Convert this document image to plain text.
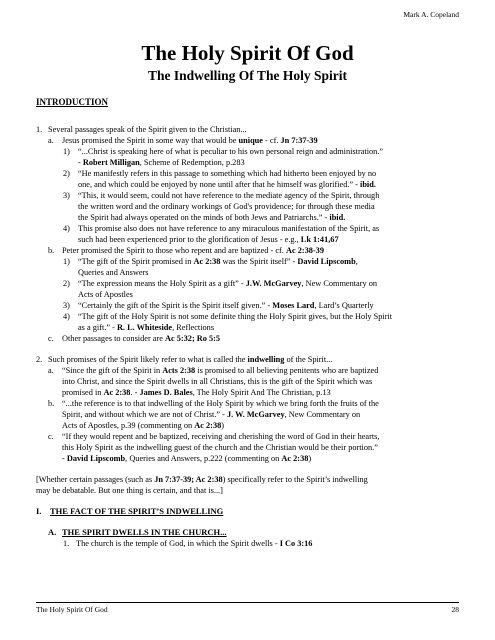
Mark A. Copeland
The Holy Spirit Of God
The Indwelling Of The Holy Spirit
INTRODUCTION
1. Several passages speak of the Spirit given to the Christian...
a. Jesus promised the Spirit in some way that would be unique - cf. Jn 7:37-39
1) “...Christ is speaking here of what is peculiar to his own personal reign and administration.”
- Robert Milligan, Scheme of Redemption, p.283
2) “He manifestly refers in this passage to something which had hitherto been enjoyed by no
one, and which could be enjoyed by none until after that he himself was glorified.” - ibid.
3) “This, it would seem, could not have reference to the mediate agency of the Spirit, through
the written word and the ordinary workings of God's providence; for through these media
the Spirit had always operated on the minds of both Jews and Patriarchs.” - ibid.
4) This promise also does not have reference to any miraculous manifestation of the Spirit, as
such had been experienced prior to the glorification of Jesus - e.g., Lk 1:41,67
b. Peter promised the Spirit to those who repent and are baptized - cf. Ac 2:38-39
1) “The gift of the Spirit promised in Ac 2:38 was the Spirit itself” - David Lipscomb,
Queries and Answers
2) “The expression means the Holy Spirit as a gift” - J.W. McGarvey, New Commentary on
Acts of Apostles
3) “Certainly the gift of the Spirit is the Spirit itself given.” - Moses Lard, Lard’s Quarterly
4) “The gift of the Holy Spirit is not some definite thing the Holy Spirit gives, but the Holy Spirit
as a gift.” - R. L. Whiteside, Reflections
c. Other passages to consider are Ac 5:32; Ro 5:5
2. Such promises of the Spirit likely refer to what is called the indwelling of the Spirit...
a. “Since the gift of the Spirit in Acts 2:38 is promised to all believing penitents who are baptized
into Christ, and since the Spirit dwells in all Christians, this is the gift of the Spirit which was
promised in Ac 2:38. - James D. Bales, The Holy Spirit And The Christian, p.13
b. “...the reference is to that indwelling of the Holy Spirit by which we bring forth the fruits of the
Spirit, and without which we are not of Christ.” - J. W. McGarvey, New Commentary on
Acts of Apostles, p.39 (commenting on Ac 2:38)
c. “If they would repent and be baptized, receiving and cherishing the word of God in their hearts,
this Holy Spirit as the indwelling guest of the church and the Christian would be their portion.”
- David Lipscomb, Queries and Answers, p.222 (commenting on Ac 2:38)
[Whether certain passages (such as Jn 7:37-39; Ac 2:38) specifically refer to the Spirit’s indwelling
may be debatable. But one thing is certain, and that is...]
I. THE FACT OF THE SPIRIT’S INDWELLING
A. THE SPIRIT DWELLS IN THE CHURCH...
1. The church is the temple of God, in which the Spirit dwells - I Co 3:16
The Holy Spirit Of God	28
